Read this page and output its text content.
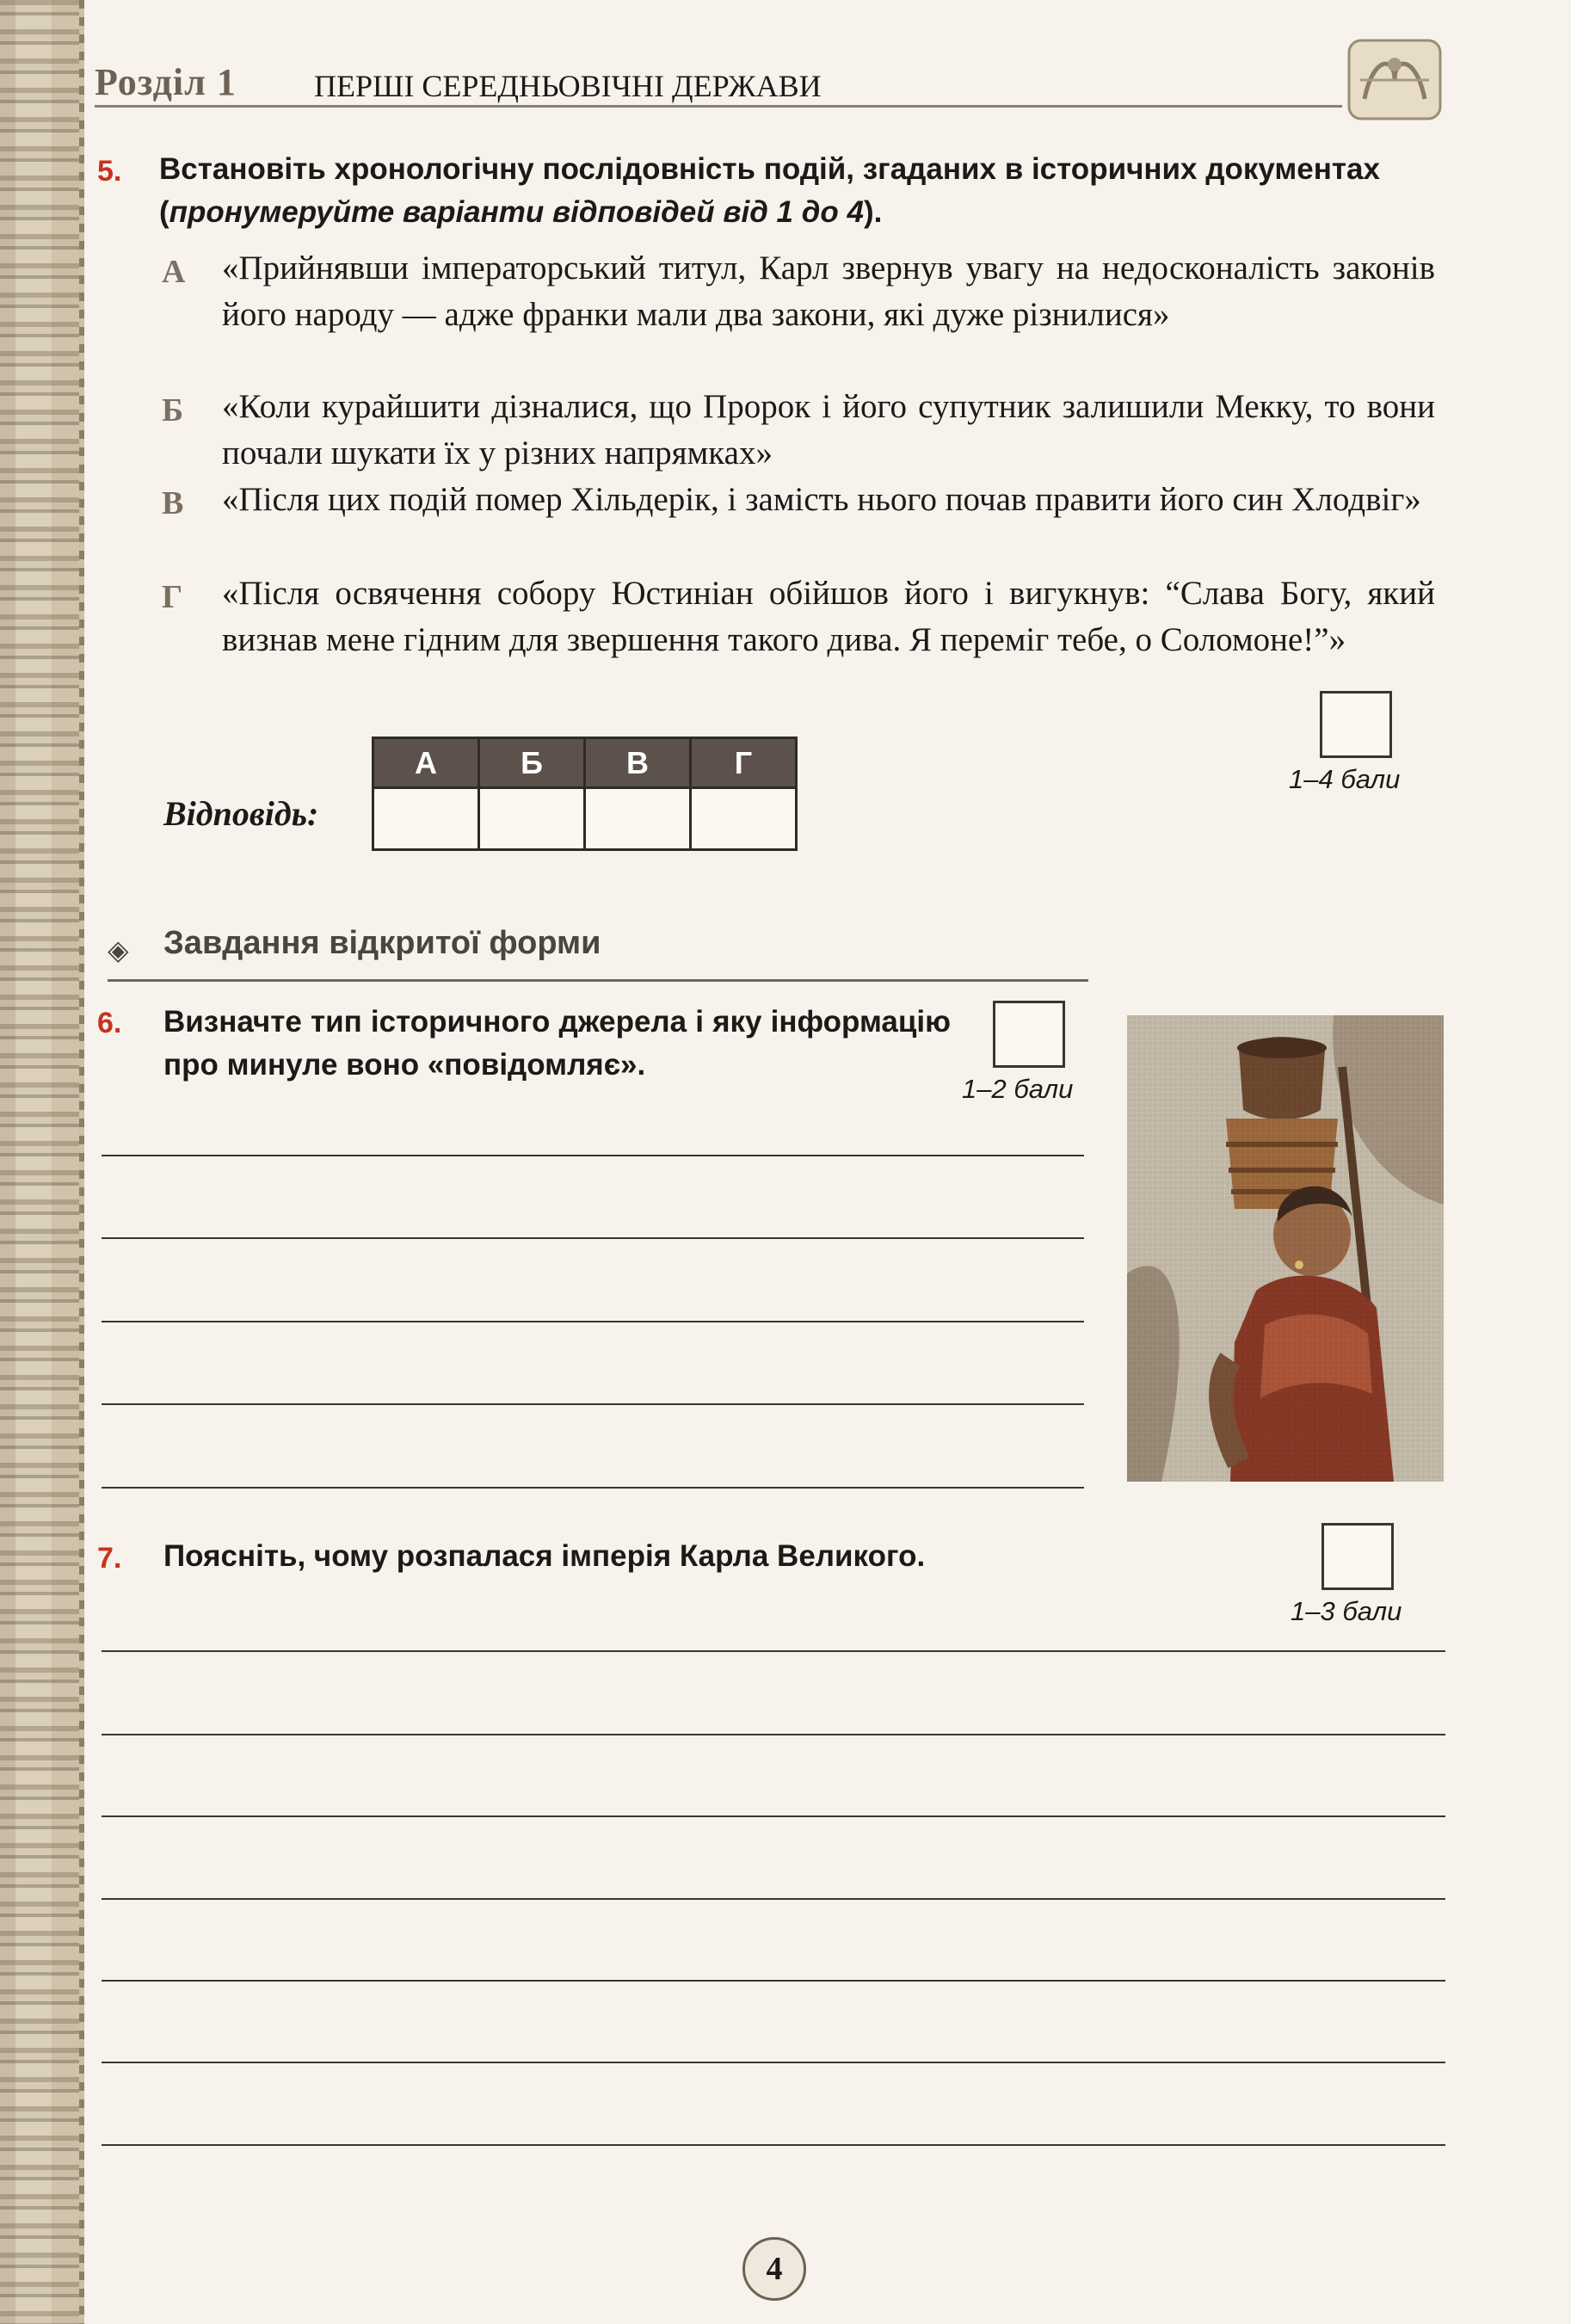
Розділ 1	ПЕРШІ СЕРЕДНЬОВІЧНІ ДЕРЖАВИ
5. Встановіть хронологічну послідовність подій, згаданих в історичних документах (пронумеруйте варіанти відповідей від 1 до 4).
А «Прийнявши імператорський титул, Карл звернув увагу на недосконалість законів його народу — адже франки мали два закони, які дуже різнилися»
Б «Коли курайшити дізналися, що Пророк і його супутник залишили Мекку, то вони почали шукати їх у різних напрямках»
В «Після цих подій помер Хільдерік, і замість нього почав правити його син Хлодвіг»
Г «Після освячення собору Юстиніан обійшов його і вигукнув: “Слава Богу, який визнав мене гідним для звершення такого дива. Я переміг тебе, о Соломоне!”»
1–4 бали
Відповідь:
А	Б	В	Г

◈ Завдання відкритої форми
6. Визначте тип історичного джерела і яку інформацію про минуле воно «повідомляє».
1–2 бали
7. Поясніть, чому розпалася імперія Карла Великого.
1–3 бали
4
